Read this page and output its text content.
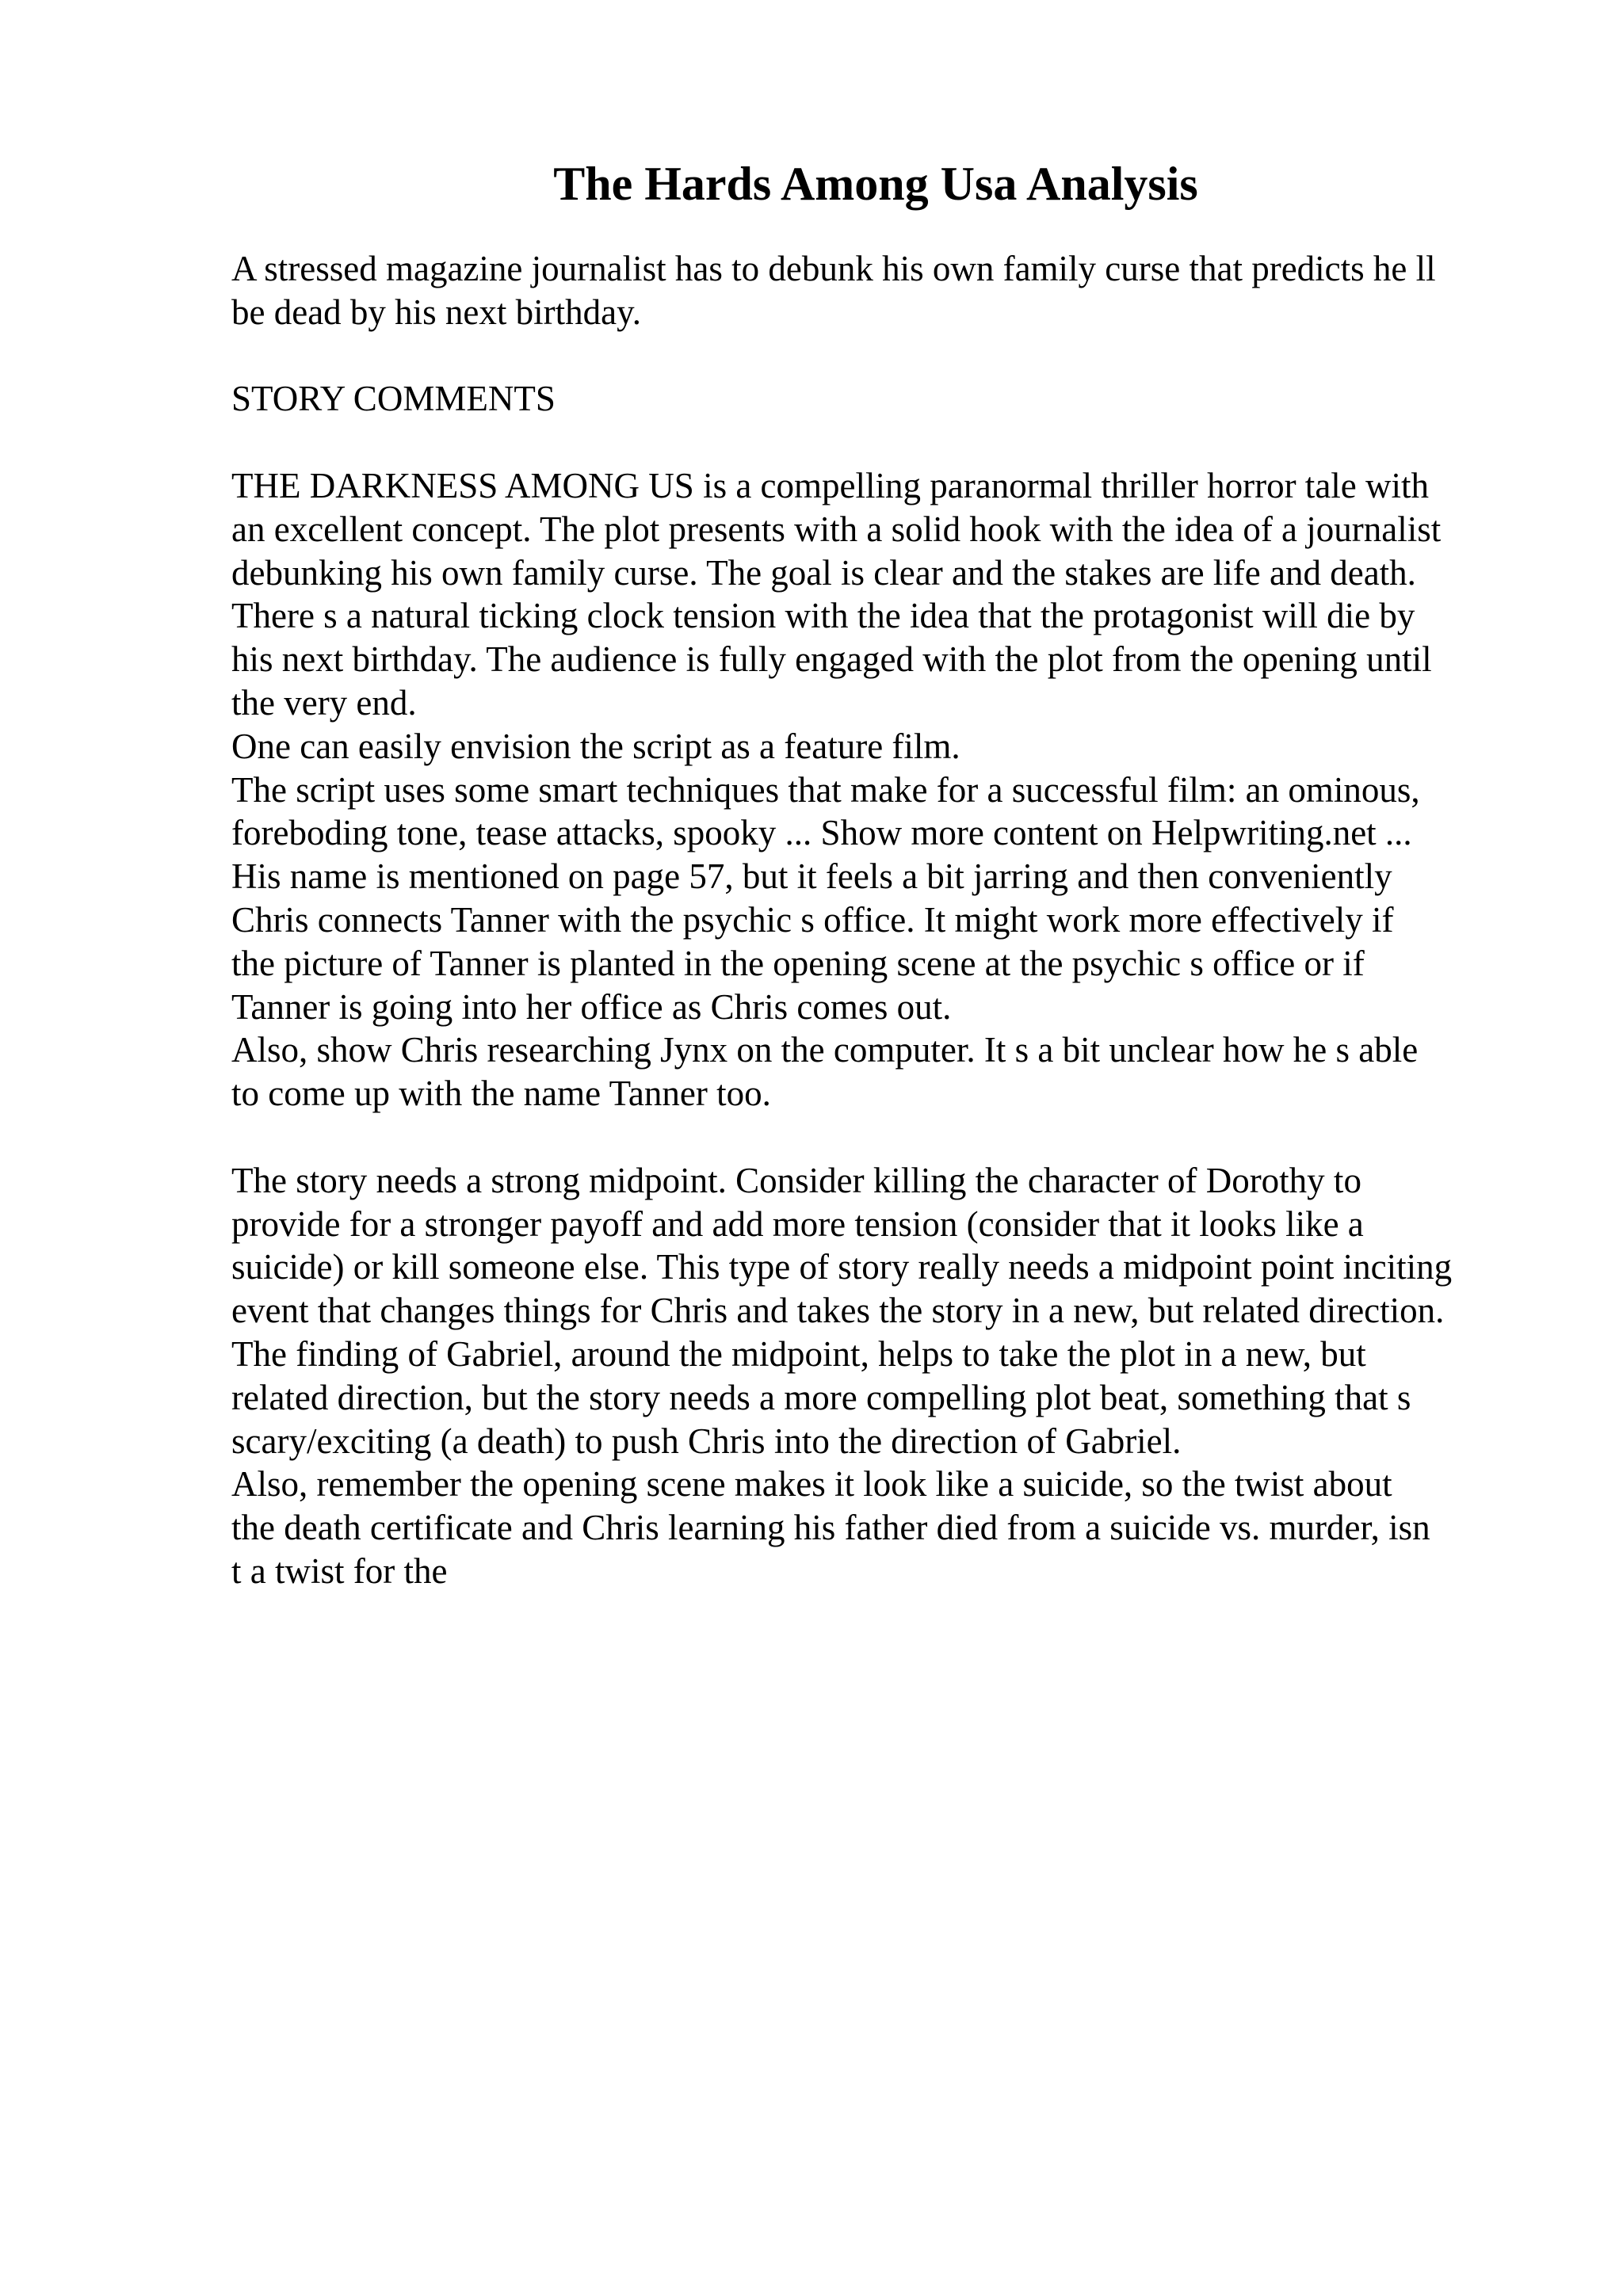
The Hards Among Usa Analysis
A stressed magazine journalist has to debunk his own family curse that predicts he ll
be dead by his next birthday.
STORY COMMENTS
THE DARKNESS AMONG US is a compelling paranormal thriller horror tale with
an excellent concept. The plot presents with a solid hook with the idea of a journalist
debunking his own family curse. The goal is clear and the stakes are life and death.
There s a natural ticking clock tension with the idea that the protagonist will die by
his next birthday. The audience is fully engaged with the plot from the opening until
the very end.
One can easily envision the script as a feature film.
The script uses some smart techniques that make for a successful film: an ominous,
foreboding tone, tease attacks, spooky ... Show more content on Helpwriting.net ...
His name is mentioned on page 57, but it feels a bit jarring and then conveniently
Chris connects Tanner with the psychic s office. It might work more effectively if
the picture of Tanner is planted in the opening scene at the psychic s office or if
Tanner is going into her office as Chris comes out.
Also, show Chris researching Jynx on the computer. It s a bit unclear how he s able
to come up with the name Tanner too.
The story needs a strong midpoint. Consider killing the character of Dorothy to
provide for a stronger payoff and add more tension (consider that it looks like a
suicide) or kill someone else. This type of story really needs a midpoint point inciting
event that changes things for Chris and takes the story in a new, but related direction.
The finding of Gabriel, around the midpoint, helps to take the plot in a new, but
related direction, but the story needs a more compelling plot beat, something that s
scary/exciting (a death) to push Chris into the direction of Gabriel.
Also, remember the opening scene makes it look like a suicide, so the twist about
the death certificate and Chris learning his father died from a suicide vs. murder, isn
t a twist for the
